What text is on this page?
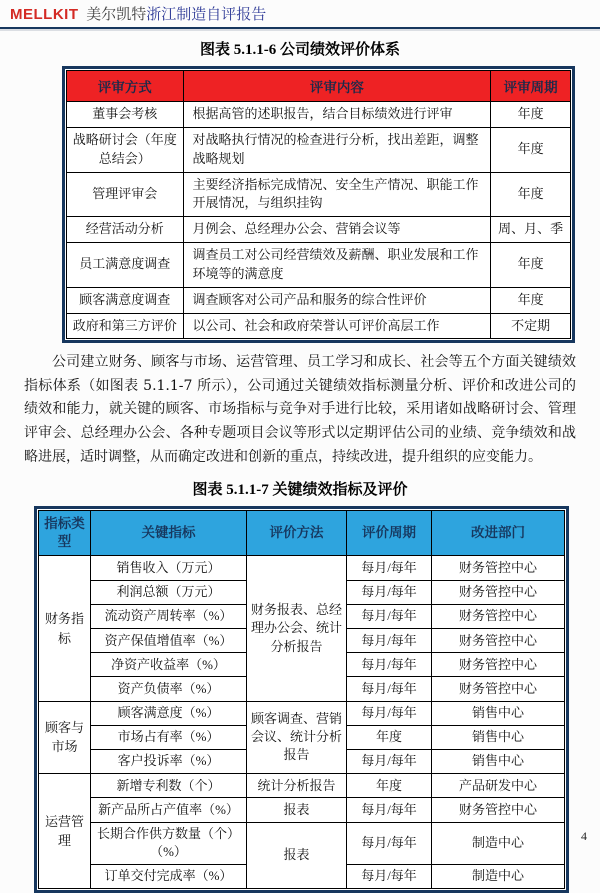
MELLKIT 美尔凯特浙江制造自评报告
图表 5.1.1-6 公司绩效评价体系
评审方式	评审内容	评审周期
董事会考核	根据高管的述职报告，结合目标绩效进行评审	年度
战略研讨会（年度总结会）	对战略执行情况的检查进行分析，找出差距，调整战略规划	年度
管理评审会	主要经济指标完成情况、安全生产情况、职能工作开展情况，与组织挂钩	年度
经营活动分析	月例会、总经理办公会、营销会议等	周、月、季
员工满意度调查	调查员工对公司经营绩效及薪酬、职业发展和工作环境等的满意度	年度
顾客满意度调查	调查顾客对公司产品和服务的综合性评价	年度
政府和第三方评价	以公司、社会和政府荣誉认可评价高层工作	不定期

公司建立财务、顾客与市场、运营管理、员工学习和成长、社会等五个方面关键绩效指标体系（如图表 5.1.1-7 所示），公司通过关键绩效指标测量分析、评价和改进公司的绩效和能力，就关键的顾客、市场指标与竞争对手进行比较，采用诸如战略研讨会、管理评审会、总经理办公会、各种专题项目会议等形式以定期评估公司的业绩、竞争绩效和战略进展，适时调整，从而确定改进和创新的重点，持续改进，提升组织的应变能力。

图表 5.1.1-7 关键绩效指标及评价
指标类型	关键指标	评价方法	评价周期	改进部门
财务指标	销售收入（万元）	财务报表、总经理办公会、统计分析报告	每月/每年	财务管控中心
	利润总额（万元）		每月/每年	财务管控中心
	流动资产周转率（%）		每月/每年	财务管控中心
	资产保值增值率（%）		每月/每年	财务管控中心
	净资产收益率（%）		每月/每年	财务管控中心
	资产负债率（%）		每月/每年	财务管控中心
顾客与市场	顾客满意度（%）	顾客调查、营销会议、统计分析报告	每月/每年	销售中心
	市场占有率（%）		年度	销售中心
	客户投诉率（%）		每月/每年	销售中心
运营管理	新增专利数（个）	统计分析报告	年度	产品研发中心
	新产品所占产值率（%）	报表	每月/每年	财务管控中心
	长期合作供方数量（个）（%）	报表	每月/每年	制造中心
	订单交付完成率（%）		每月/每年	制造中心
4
